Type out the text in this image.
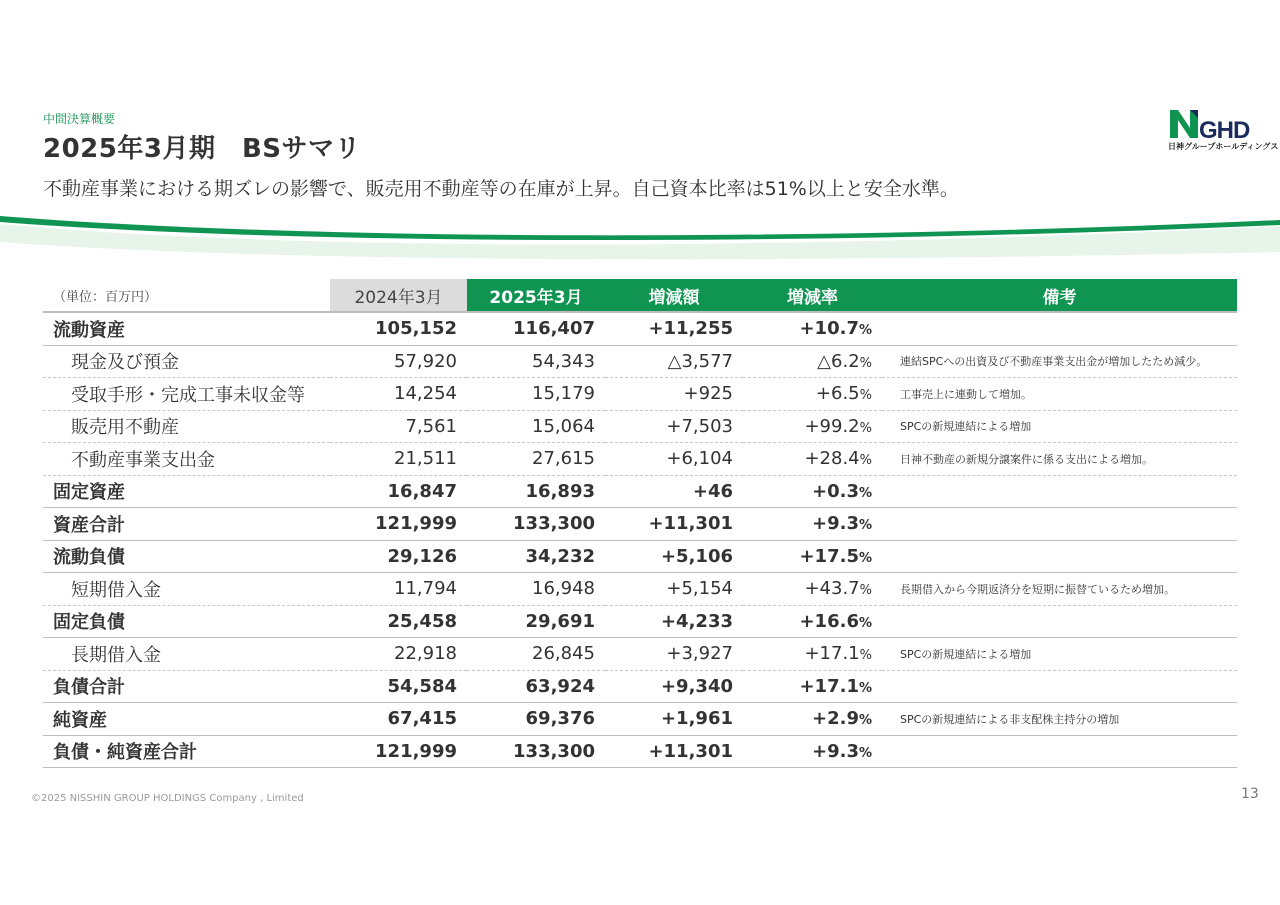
中間決算概要
2025年3月期　BSサマリ
不動産事業における期ズレの影響で、販売用不動産等の在庫が上昇。自己資本比率は51%以上と安全水準。
GHD
日神グループホールディングス
（単位：百万円）	2024年3月	2025年3月	増減額	増減率	備考
流動資産	105,152	116,407	+11,255	+10.7%	
現金及び預金	57,920	54,343	△3,577	△6.2%	連結SPCへの出資及び不動産事業支出金が増加したため減少。
受取手形・完成工事未収金等	14,254	15,179	+925	+6.5%	工事売上に連動して増加。
販売用不動産	7,561	15,064	+7,503	+99.2%	SPCの新規連結による増加
不動産事業支出金	21,511	27,615	+6,104	+28.4%	日神不動産の新規分譲案件に係る支出による増加。
固定資産	16,847	16,893	+46	+0.3%	
資産合計	121,999	133,300	+11,301	+9.3%	
流動負債	29,126	34,232	+5,106	+17.5%	
短期借入金	11,794	16,948	+5,154	+43.7%	長期借入から今期返済分を短期に振替ているため増加。
固定負債	25,458	29,691	+4,233	+16.6%	
長期借入金	22,918	26,845	+3,927	+17.1%	SPCの新規連結による増加
負債合計	54,584	63,924	+9,340	+17.1%	
純資産	67,415	69,376	+1,961	+2.9%	SPCの新規連結による非支配株主持分の増加
負債・純資産合計	121,999	133,300	+11,301	+9.3%	
©2025 NISSHIN GROUP HOLDINGS Company , Limited	13
